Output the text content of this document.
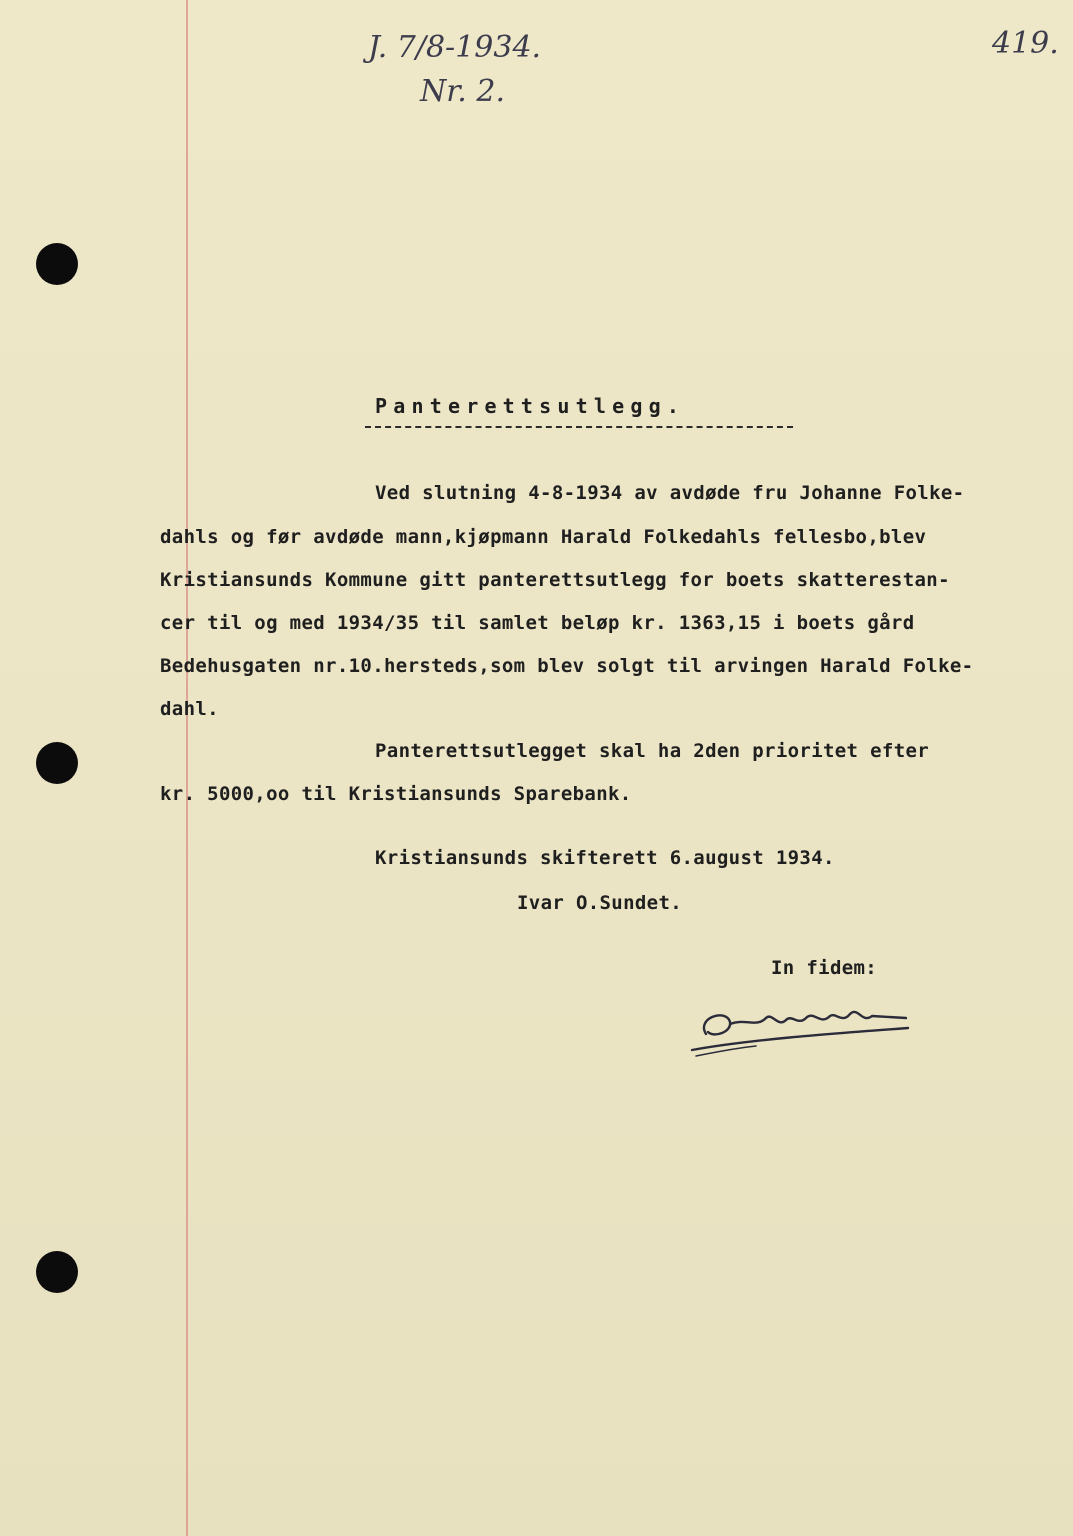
J. 7/8-1934.
Nr. 2.
419.
Panterettsutlegg.
Ved slutning 4-8-1934 av avdøde fru Johanne Folke-
dahls og før avdøde mann,kjøpmann Harald Folkedahls fellesbo,blev
Kristiansunds Kommune gitt panterettsutlegg for boets skatterestan-
cer til og med 1934/35 til samlet beløp kr. 1363,15 i boets gård
Bedehusgaten nr.10.hersteds,som blev solgt til arvingen Harald Folke-
dahl.
Panterettsutlegget skal ha 2den prioritet efter
kr. 5000,oo til Kristiansunds Sparebank.
Kristiansunds skifterett 6.august 1934.
Ivar O.Sundet.
In fidem:
